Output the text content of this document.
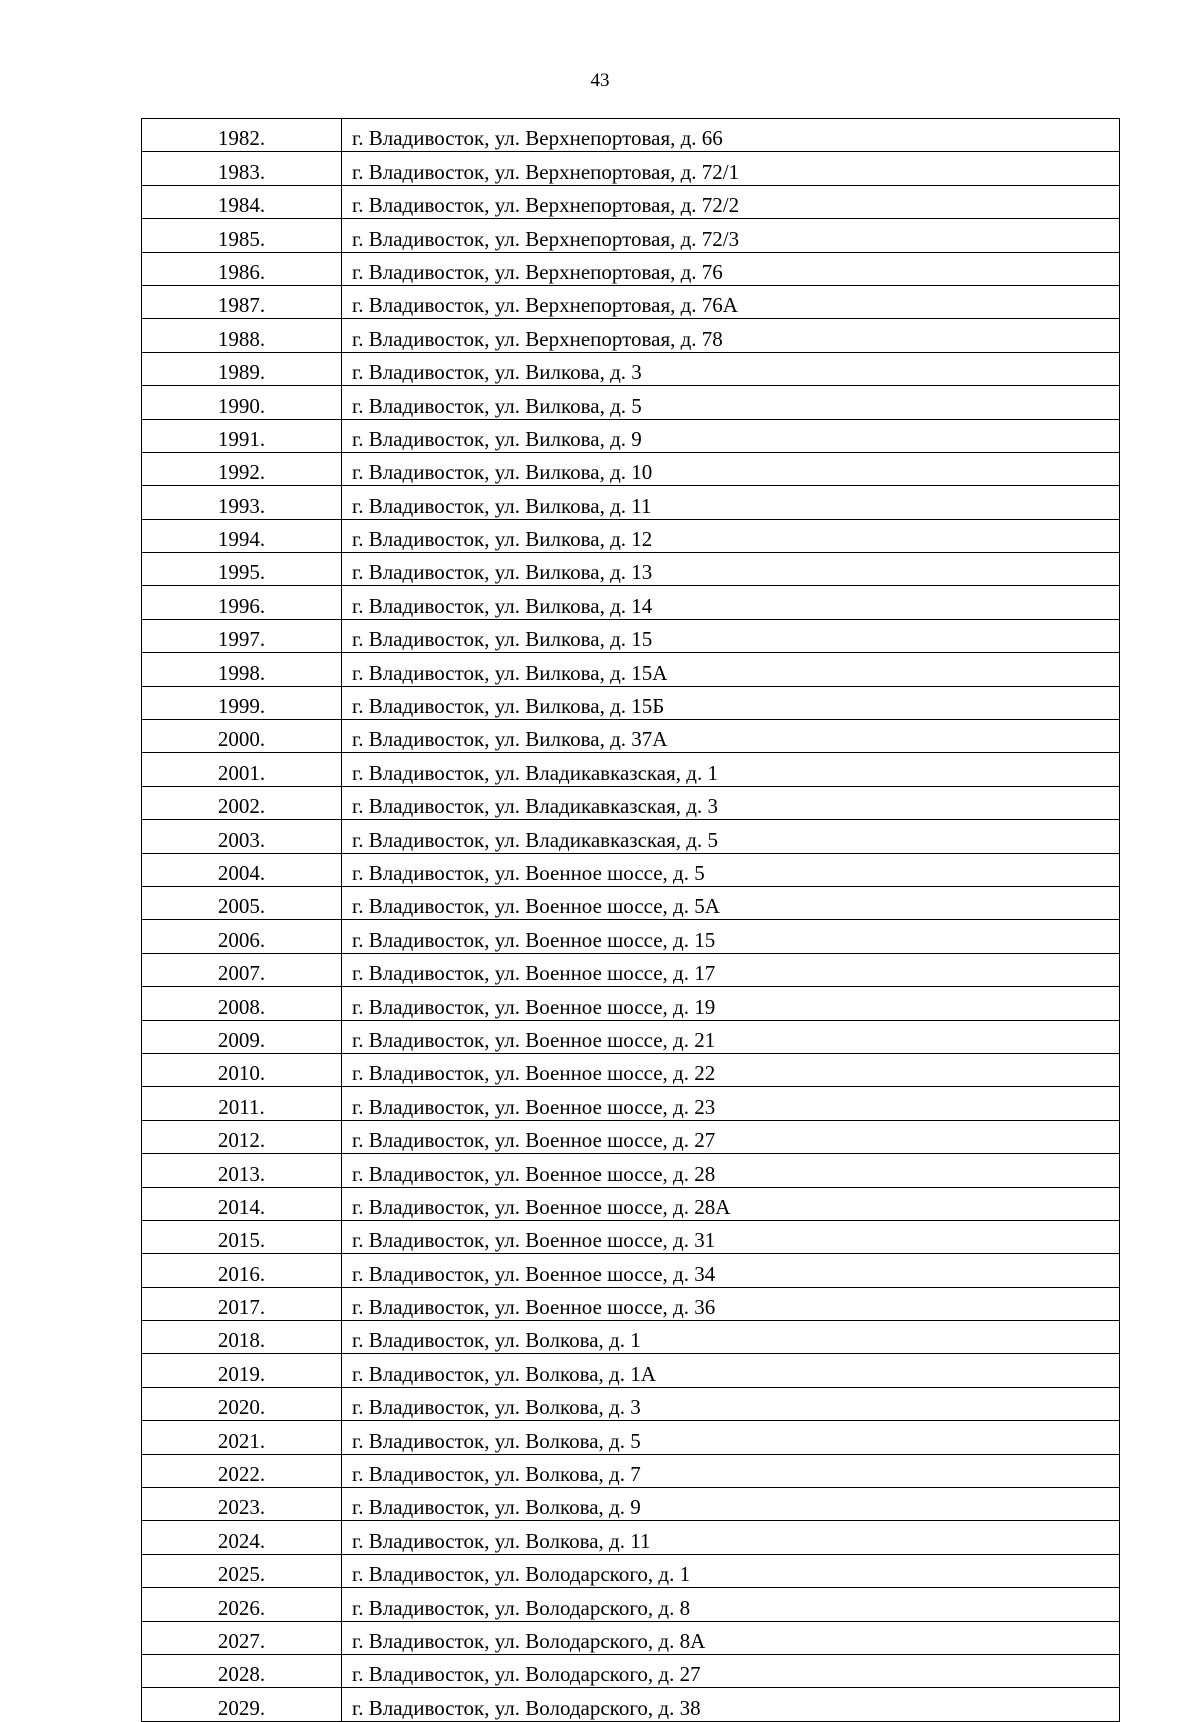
43
1982.	г. Владивосток, ул. Верхнепортовая, д. 66
1983.	г. Владивосток, ул. Верхнепортовая, д. 72/1
1984.	г. Владивосток, ул. Верхнепортовая, д. 72/2
1985.	г. Владивосток, ул. Верхнепортовая, д. 72/3
1986.	г. Владивосток, ул. Верхнепортовая, д. 76
1987.	г. Владивосток, ул. Верхнепортовая, д. 76А
1988.	г. Владивосток, ул. Верхнепортовая, д. 78
1989.	г. Владивосток, ул. Вилкова, д. 3
1990.	г. Владивосток, ул. Вилкова, д. 5
1991.	г. Владивосток, ул. Вилкова, д. 9
1992.	г. Владивосток, ул. Вилкова, д. 10
1993.	г. Владивосток, ул. Вилкова, д. 11
1994.	г. Владивосток, ул. Вилкова, д. 12
1995.	г. Владивосток, ул. Вилкова, д. 13
1996.	г. Владивосток, ул. Вилкова, д. 14
1997.	г. Владивосток, ул. Вилкова, д. 15
1998.	г. Владивосток, ул. Вилкова, д. 15А
1999.	г. Владивосток, ул. Вилкова, д. 15Б
2000.	г. Владивосток, ул. Вилкова, д. 37А
2001.	г. Владивосток, ул. Владикавказская, д. 1
2002.	г. Владивосток, ул. Владикавказская, д. 3
2003.	г. Владивосток, ул. Владикавказская, д. 5
2004.	г. Владивосток, ул. Военное шоссе, д. 5
2005.	г. Владивосток, ул. Военное шоссе, д. 5А
2006.	г. Владивосток, ул. Военное шоссе, д. 15
2007.	г. Владивосток, ул. Военное шоссе, д. 17
2008.	г. Владивосток, ул. Военное шоссе, д. 19
2009.	г. Владивосток, ул. Военное шоссе, д. 21
2010.	г. Владивосток, ул. Военное шоссе, д. 22
2011.	г. Владивосток, ул. Военное шоссе, д. 23
2012.	г. Владивосток, ул. Военное шоссе, д. 27
2013.	г. Владивосток, ул. Военное шоссе, д. 28
2014.	г. Владивосток, ул. Военное шоссе, д. 28А
2015.	г. Владивосток, ул. Военное шоссе, д. 31
2016.	г. Владивосток, ул. Военное шоссе, д. 34
2017.	г. Владивосток, ул. Военное шоссе, д. 36
2018.	г. Владивосток, ул. Волкова, д. 1
2019.	г. Владивосток, ул. Волкова, д. 1А
2020.	г. Владивосток, ул. Волкова, д. 3
2021.	г. Владивосток, ул. Волкова, д. 5
2022.	г. Владивосток, ул. Волкова, д. 7
2023.	г. Владивосток, ул. Волкова, д. 9
2024.	г. Владивосток, ул. Волкова, д. 11
2025.	г. Владивосток, ул. Володарского, д. 1
2026.	г. Владивосток, ул. Володарского, д. 8
2027.	г. Владивосток, ул. Володарского, д. 8А
2028.	г. Владивосток, ул. Володарского, д. 27
2029.	г. Владивосток, ул. Володарского, д. 38
